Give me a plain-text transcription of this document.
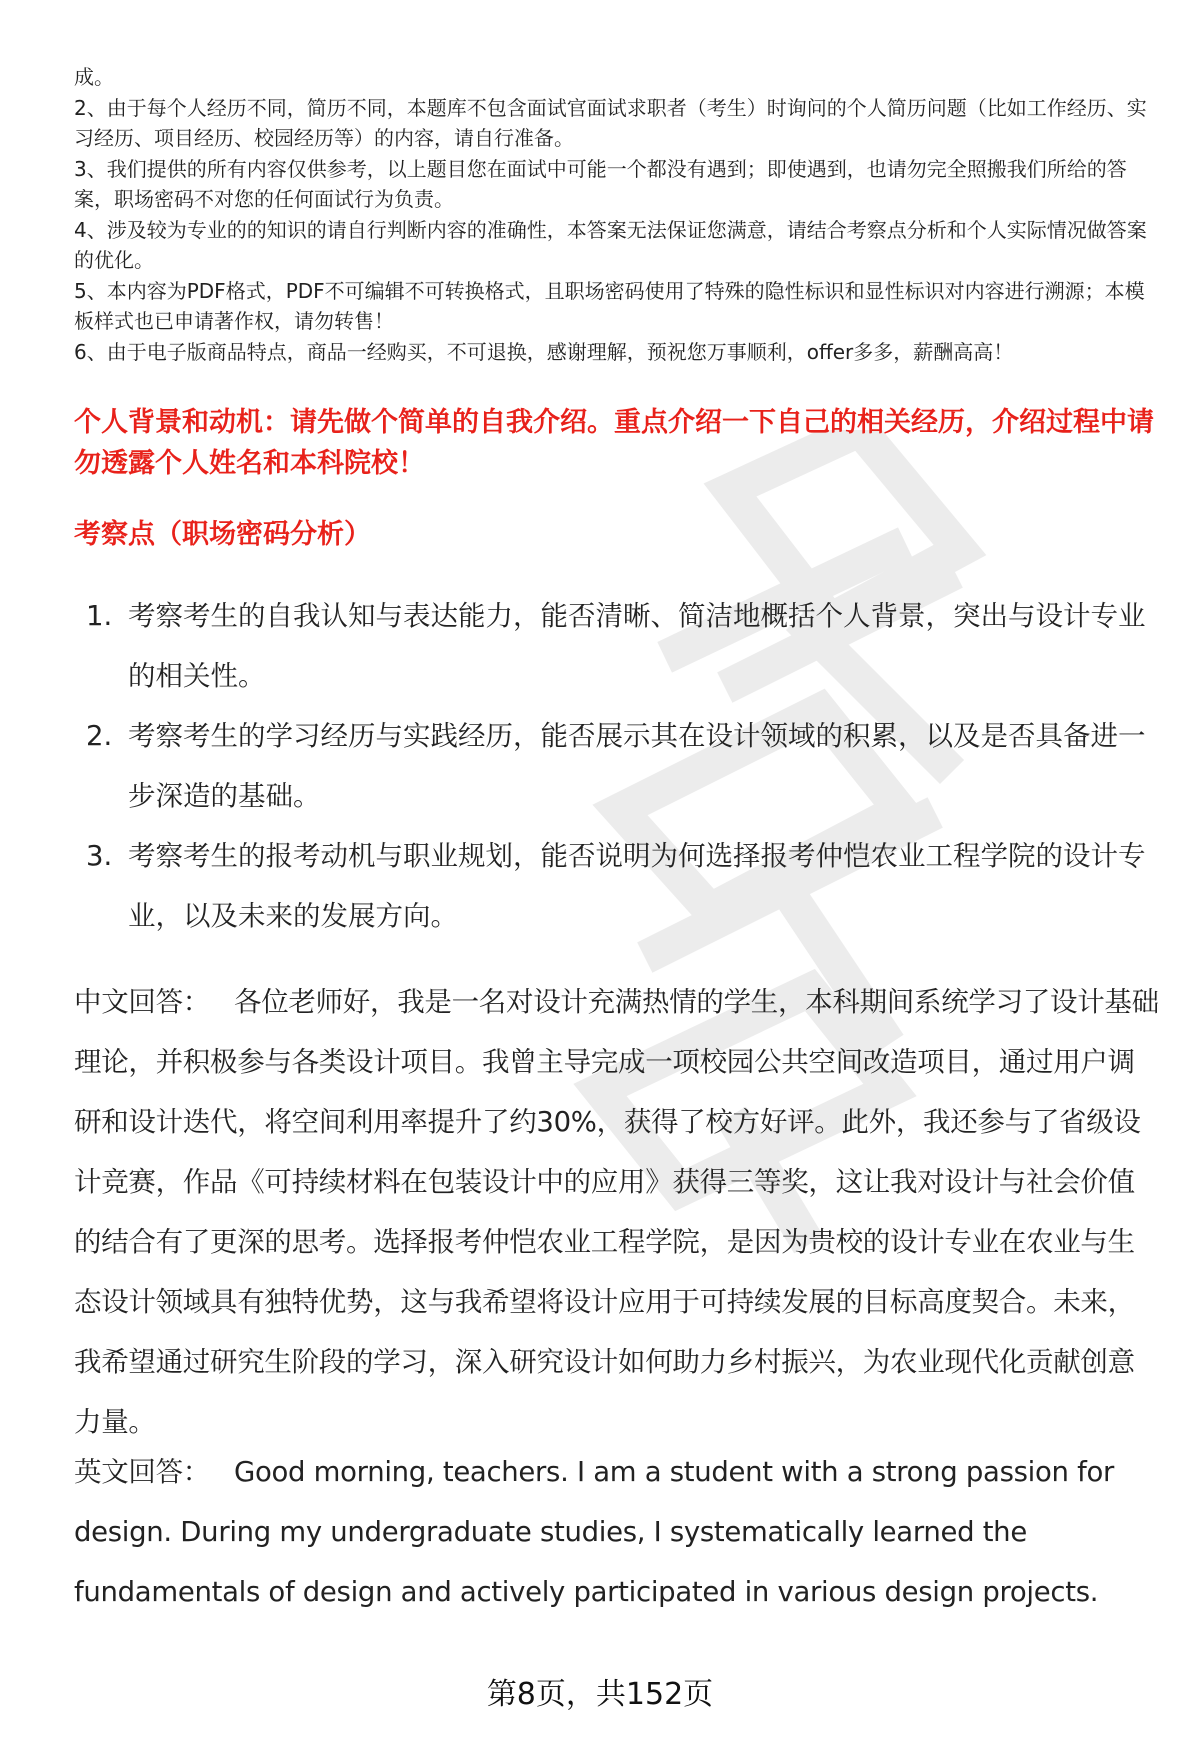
成。
2、由于每个人经历不同，简历不同，本题库不包含面试官面试求职者（考生）时询问的个人简历问题（比如工作经历、实习经历、项目经历、校园经历等）的内容，请自行准备。
3、我们提供的所有内容仅供参考，以上题目您在面试中可能一个都没有遇到；即使遇到，也请勿完全照搬我们所给的答案，职场密码不对您的任何面试行为负责。
4、涉及较为专业的的知识的请自行判断内容的准确性，本答案无法保证您满意，请结合考察点分析和个人实际情况做答案的优化。
5、本内容为PDF格式，PDF不可编辑不可转换格式，且职场密码使用了特殊的隐性标识和显性标识对内容进行溯源；本模板样式也已申请著作权，请勿转售！
6、由于电子版商品特点，商品一经购买，不可退换，感谢理解，预祝您万事顺利，offer多多，薪酬高高！
个人背景和动机：请先做个简单的自我介绍。重点介绍一下自己的相关经历，介绍过程中请勿透露个人姓名和本科院校！
考察点（职场密码分析）
1. 考察考生的自我认知与表达能力，能否清晰、简洁地概括个人背景，突出与设计专业的相关性。
2. 考察考生的学习经历与实践经历，能否展示其在设计领域的积累，以及是否具备进一步深造的基础。
3. 考察考生的报考动机与职业规划，能否说明为何选择报考仲恺农业工程学院的设计专业，以及未来的发展方向。

中文回答： 各位老师好，我是一名对设计充满热情的学生，本科期间系统学习了设计基础理论，并积极参与各类设计项目。我曾主导完成一项校园公共空间改造项目，通过用户调研和设计迭代，将空间利用率提升了约30%，获得了校方好评。此外，我还参与了省级设计竞赛，作品《可持续材料在包装设计中的应用》获得三等奖，这让我对设计与社会价值的结合有了更深的思考。选择报考仲恺农业工程学院，是因为贵校的设计专业在农业与生态设计领域具有独特优势，这与我希望将设计应用于可持续发展的目标高度契合。未来，我希望通过研究生阶段的学习，深入研究设计如何助力乡村振兴，为农业现代化贡献创意力量。

英文回答： Good morning, teachers. I am a student with a strong passion for design. During my undergraduate studies, I systematically learned the fundamentals of design and actively participated in various design projects.

第8页，共152页
